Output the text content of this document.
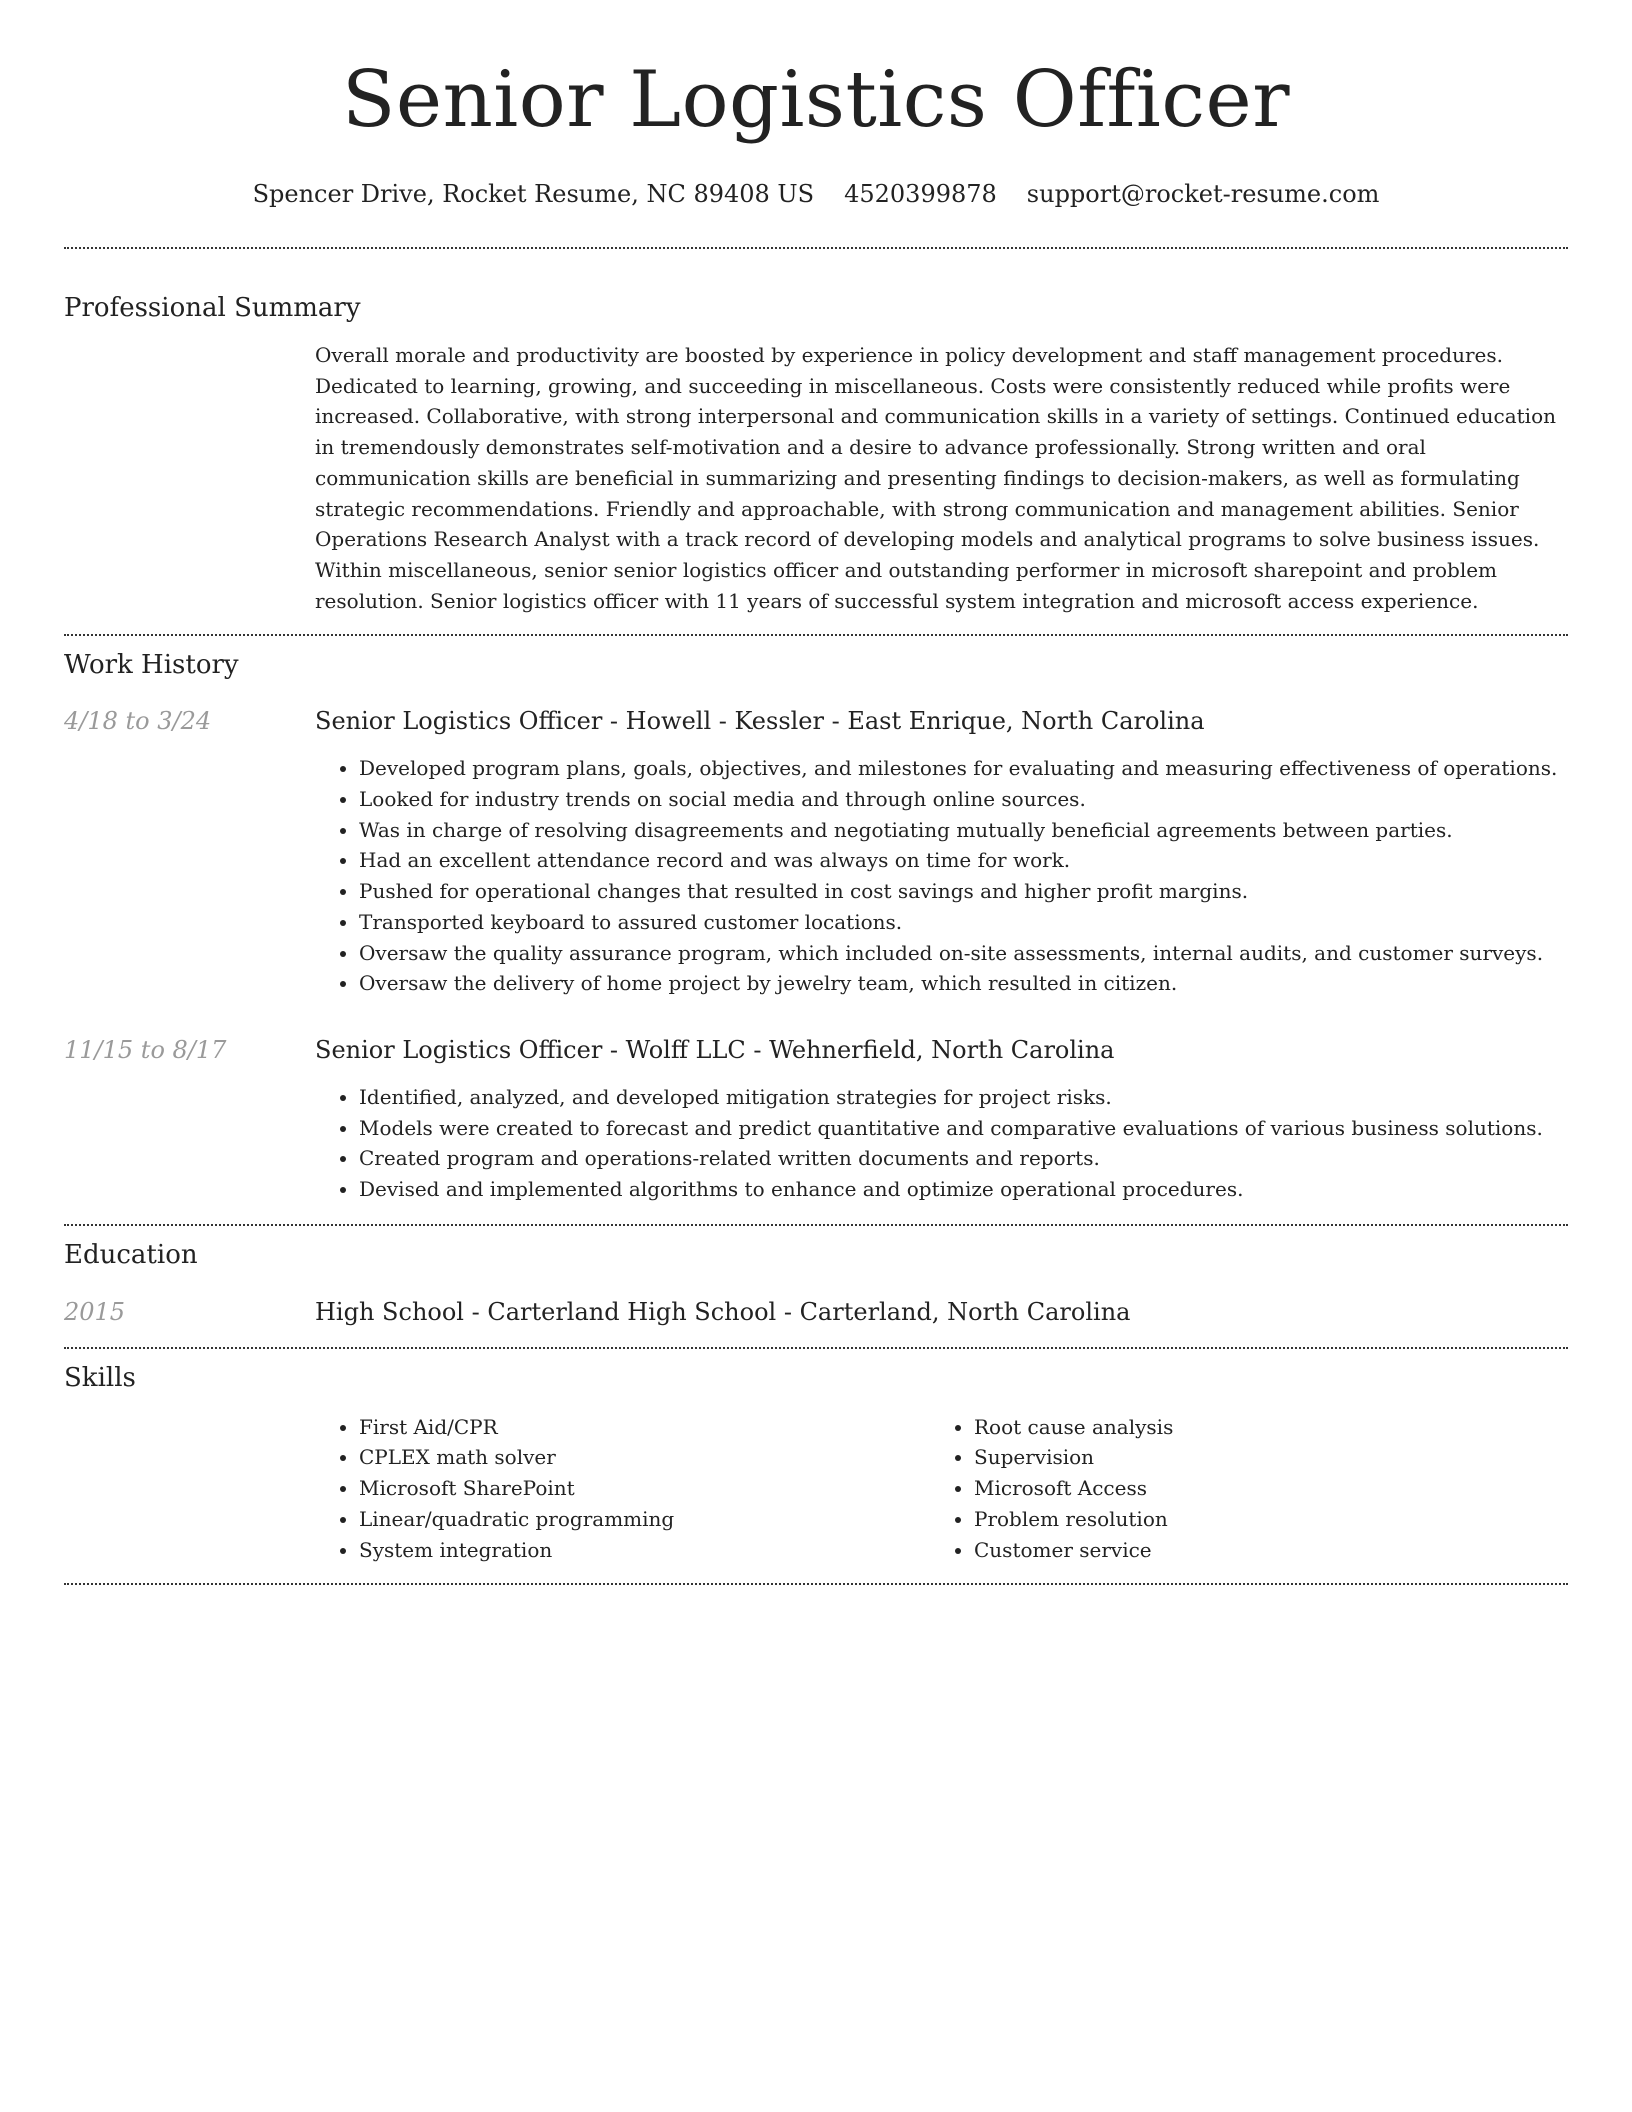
Senior Logistics Officer
Spencer Drive, Rocket Resume, NC 89408 US 4520399878 support@rocket-resume.com
Professional Summary
Overall morale and productivity are boosted by experience in policy development and staff management procedures. Dedicated to learning, growing, and succeeding in miscellaneous. Costs were consistently reduced while profits were increased. Collaborative, with strong interpersonal and communication skills in a variety of settings. Continued education in tremendously demonstrates self-motivation and a desire to advance professionally. Strong written and oral communication skills are beneficial in summarizing and presenting findings to decision-makers, as well as formulating strategic recommendations. Friendly and approachable, with strong communication and management abilities. Senior Operations Research Analyst with a track record of developing models and analytical programs to solve business issues. Within miscellaneous, senior senior logistics officer and outstanding performer in microsoft sharepoint and problem resolution. Senior logistics officer with 11 years of successful system integration and microsoft access experience.
Work History
4/18 to 3/24	Senior Logistics Officer - Howell - Kessler - East Enrique, North Carolina
• Developed program plans, goals, objectives, and milestones for evaluating and measuring effectiveness of operations.
• Looked for industry trends on social media and through online sources.
• Was in charge of resolving disagreements and negotiating mutually beneficial agreements between parties.
• Had an excellent attendance record and was always on time for work.
• Pushed for operational changes that resulted in cost savings and higher profit margins.
• Transported keyboard to assured customer locations.
• Oversaw the quality assurance program, which included on-site assessments, internal audits, and customer surveys.
• Oversaw the delivery of home project by jewelry team, which resulted in citizen.
11/15 to 8/17	Senior Logistics Officer - Wolff LLC - Wehnerfield, North Carolina
• Identified, analyzed, and developed mitigation strategies for project risks.
• Models were created to forecast and predict quantitative and comparative evaluations of various business solutions.
• Created program and operations-related written documents and reports.
• Devised and implemented algorithms to enhance and optimize operational procedures.
Education
2015	High School - Carterland High School - Carterland, North Carolina
Skills
• First Aid/CPR
• CPLEX math solver
• Microsoft SharePoint
• Linear/quadratic programming
• System integration
• Root cause analysis
• Supervision
• Microsoft Access
• Problem resolution
• Customer service
